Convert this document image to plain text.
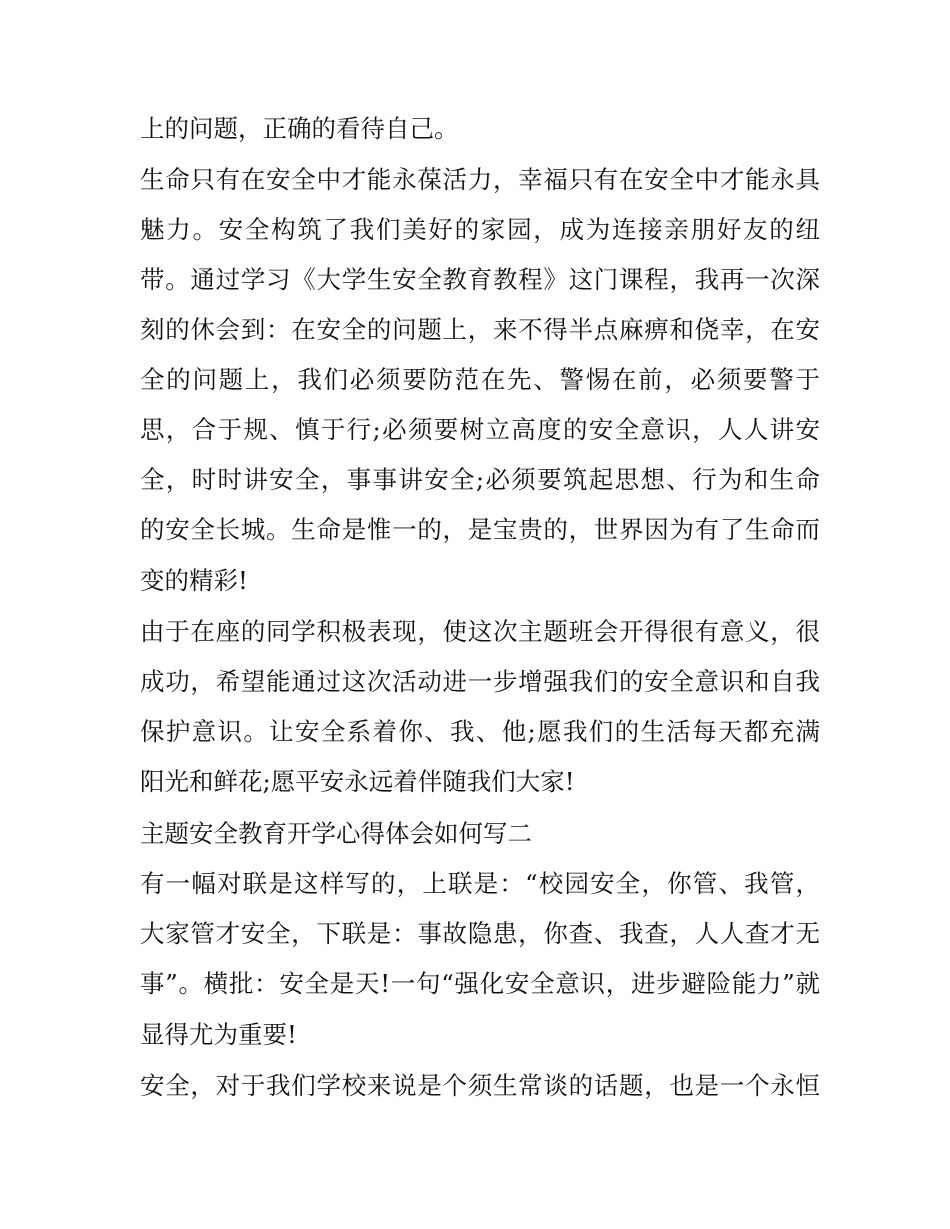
上的问题，正确的看待自己。
生命只有在安全中才能永葆活力，幸福只有在安全中才能永具
魅力。安全构筑了我们美好的家园，成为连接亲朋好友的纽
带。通过学习《大学生安全教育教程》这门课程，我再一次深
刻的休会到：在安全的问题上，来不得半点麻痹和侥幸，在安
全的问题上，我们必须要防范在先、警惕在前，必须要警于
思，合于规、慎于行;必须要树立高度的安全意识，人人讲安
全，时时讲安全，事事讲安全;必须要筑起思想、行为和生命
的安全长城。生命是惟一的，是宝贵的，世界因为有了生命而
变的精彩!
由于在座的同学积极表现，使这次主题班会开得很有意义，很
成功，希望能通过这次活动进一步增强我们的安全意识和自我
保护意识。让安全系着你、我、他;愿我们的生活每天都充满
阳光和鲜花;愿平安永远着伴随我们大家!
主题安全教育开学心得体会如何写二
有一幅对联是这样写的，上联是：“校园安全，你管、我管，
大家管才安全，下联是：事故隐患，你查、我查，人人查才无
事”。横批：安全是天!一句“强化安全意识，进步避险能力”就
显得尤为重要!
安全，对于我们学校来说是个须生常谈的话题，也是一个永恒
